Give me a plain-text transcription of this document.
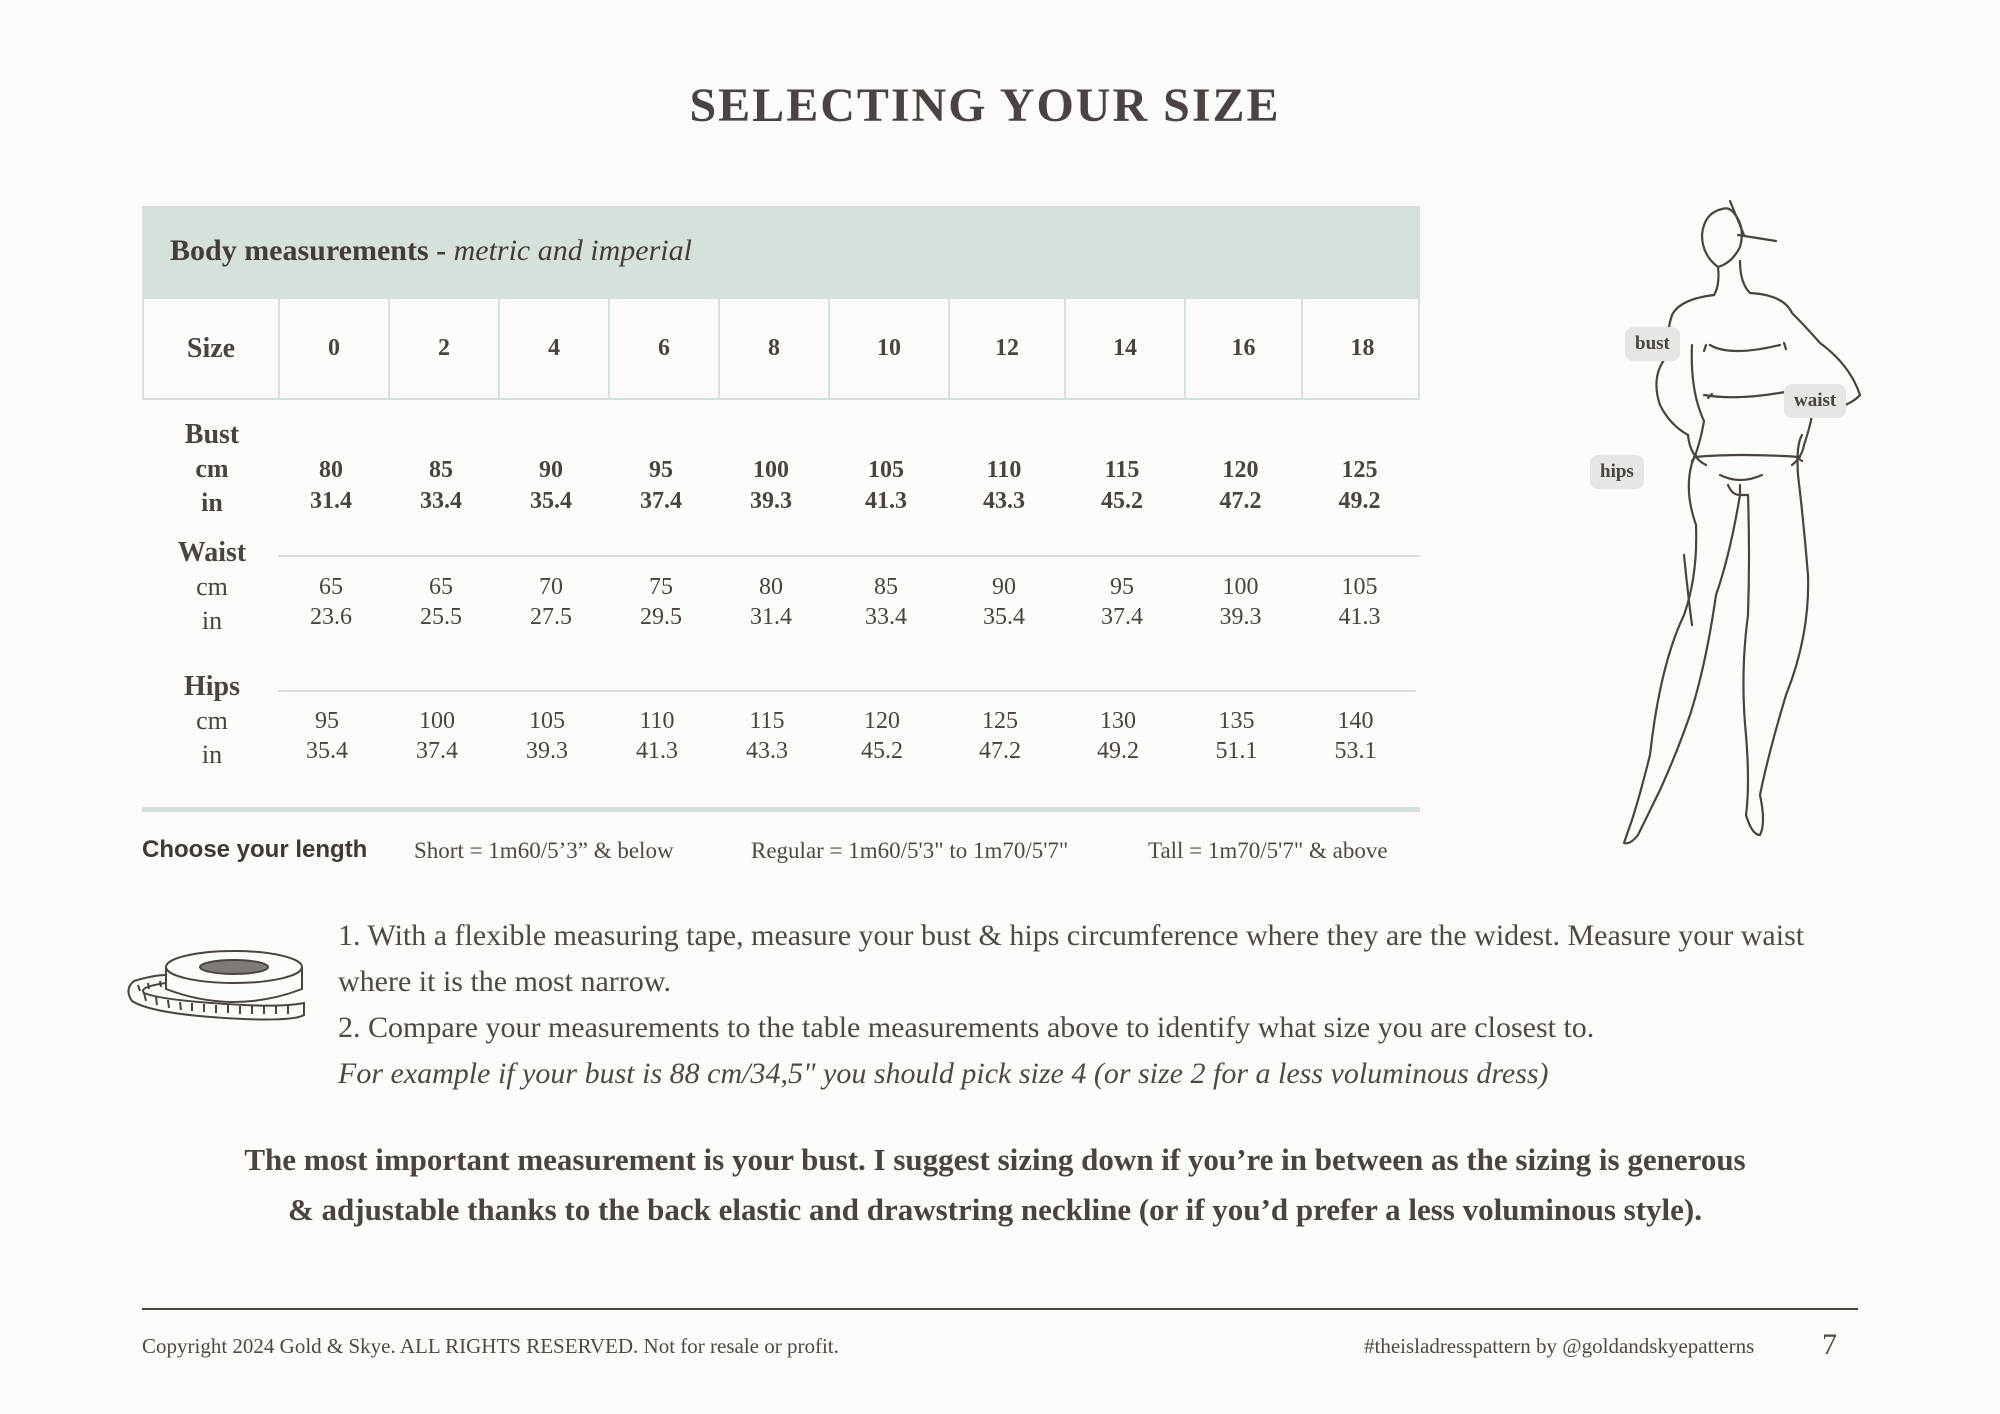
SELECTING YOUR SIZE
Body measurements - metric and imperial
Size	0	2	4	6	8	10	12	14	16	18
Bust
cm
in
80	85	90	95	100	105	110	115	120	125
31.4	33.4	35.4	37.4	39.3	41.3	43.3	45.2	47.2	49.2
Waist
cm
in
65	65	70	75	80	85	90	95	100	105
23.6	25.5	27.5	29.5	31.4	33.4	35.4	37.4	39.3	41.3
Hips
cm
in
95	100	105	110	115	120	125	130	135	140
35.4	37.4	39.3	41.3	43.3	45.2	47.2	49.2	51.1	53.1
Choose your length Short = 1m60/5’3” & below	Regular = 1m60/5'3" to 1m70/5'7"	Tall = 1m70/5'7" & above
1. With a flexible measuring tape, measure your bust & hips circumference where they are the widest. Measure your waist where it is the most narrow.
2. Compare your measurements to the table measurements above to identify what size you are closest to.
For example if your bust is 88 cm/34,5" you should pick size 4 (or size 2 for a less voluminous dress)
The most important measurement is your bust. I suggest sizing down if you’re in between as the sizing is generous & adjustable thanks to the back elastic and drawstring neckline (or if you’d prefer a less voluminous style).
bust
waist
hips
Copyright 2024 Gold & Skye. ALL RIGHTS RESERVED. Not for resale or profit.	#theisladresspattern by @goldandskyepatterns 7
